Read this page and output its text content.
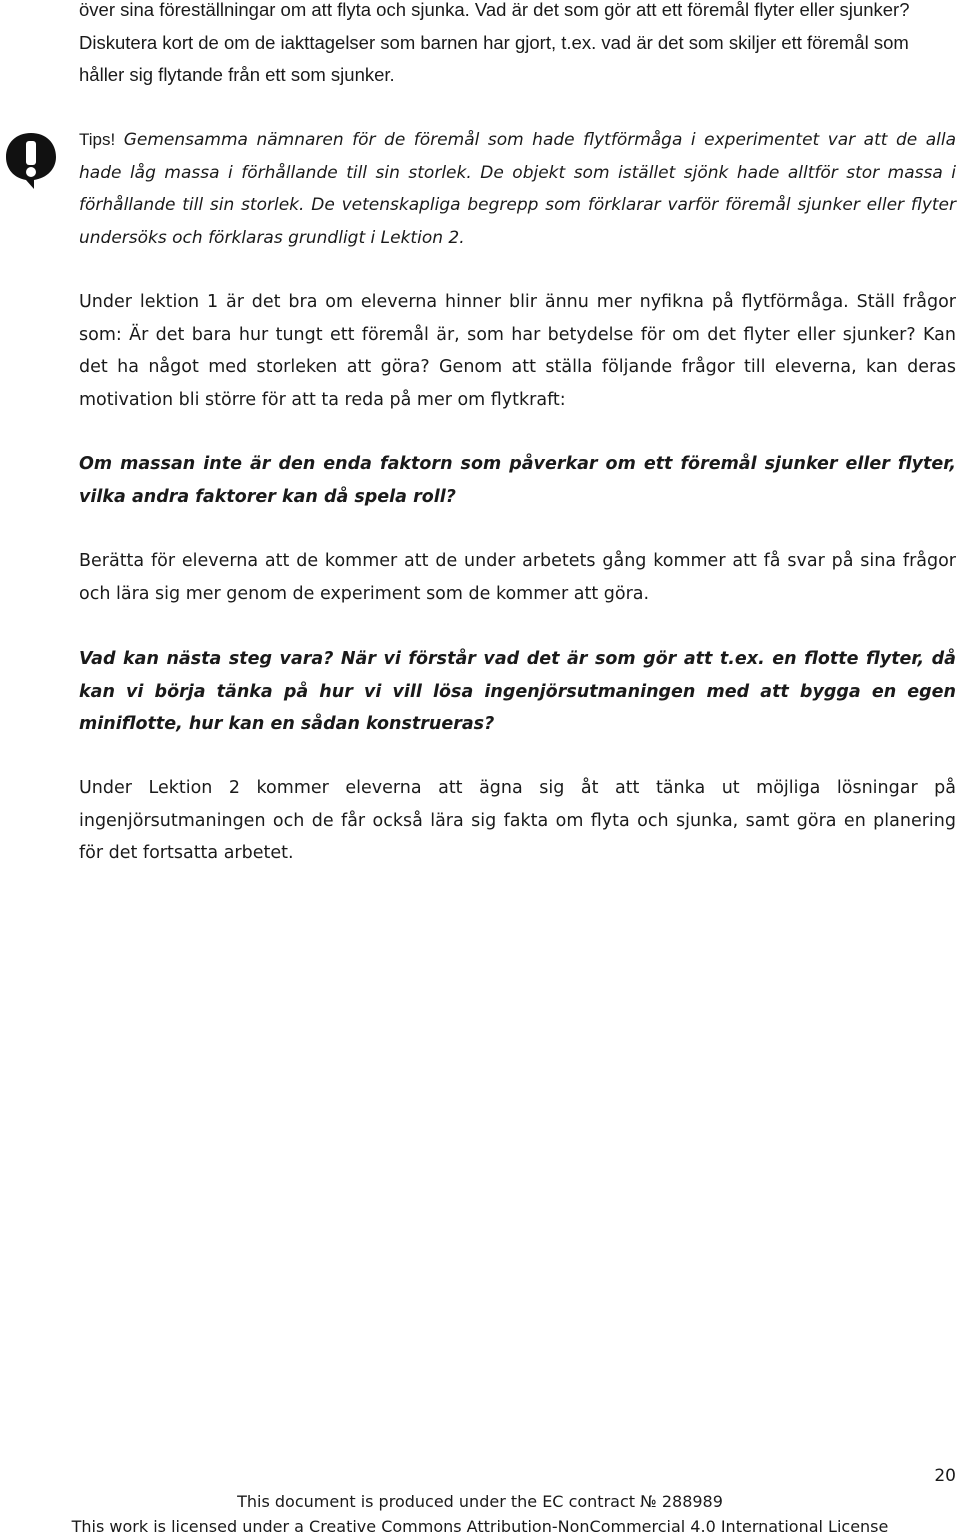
över sina föreställningar om att flyta och sjunka. Vad är det som gör att ett föremål flyter eller sjunker? Diskutera kort de om de iakttagelser som barnen har gjort, t.ex. vad är det som skiljer ett föremål som håller sig flytande från ett som sjunker.
Tips! Gemensamma nämnaren för de föremål som hade flytförmåga i experimentet var att de alla hade låg massa i förhållande till sin storlek. De objekt som istället sjönk hade alltför stor massa i förhållande till sin storlek. De vetenskapliga begrepp som förklarar varför föremål sjunker eller flyter undersöks och förklaras grundligt i Lektion 2.
Under lektion 1 är det bra om eleverna hinner blir ännu mer nyfikna på flytförmåga. Ställ frågor som: Är det bara hur tungt ett föremål är, som har betydelse för om det flyter eller sjunker? Kan det ha något med storleken att göra? Genom att ställa följande frågor till eleverna, kan deras motivation bli större för att ta reda på mer om flytkraft:
Om massan inte är den enda faktorn som påverkar om ett föremål sjunker eller flyter, vilka andra faktorer kan då spela roll?
Berätta för eleverna att de kommer att de under arbetets gång kommer att få svar på sina frågor och lära sig mer genom de experiment som de kommer att göra.
Vad kan nästa steg vara? När vi förstår vad det är som gör att t.ex. en flotte flyter, då kan vi börja tänka på hur vi vill lösa ingenjörsutmaningen med att bygga en egen miniflotte, hur kan en sådan konstrueras?
Under Lektion 2 kommer eleverna att ägna sig åt att tänka ut möjliga lösningar på ingenjörsutmaningen och de får också lära sig fakta om flyta och sjunka, samt göra en planering för det fortsatta arbetet.
20
This document is produced under the EC contract № 288989
This work is licensed under a Creative Commons Attribution-NonCommercial 4.0 International License
